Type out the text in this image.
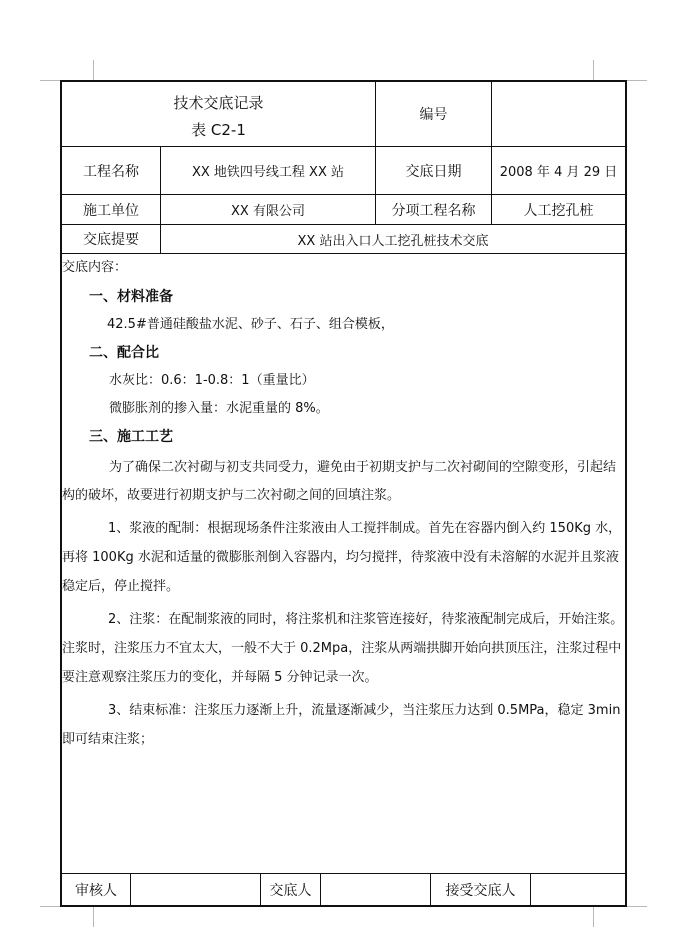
技术交底记录
表 C2-1
编号
工程名称	XX 地铁四号线工程 XX 站	交底日期	2008 年 4 月 29 日
施工单位	XX 有限公司	分项工程名称	人工挖孔桩
交底提要	XX 站出入口人工挖孔桩技术交底

交底内容：

一、材料准备

42.5#普通硅酸盐水泥、砂子、石子、组合模板，

二、配合比

水灰比：0.6：1-0.8：1（重量比）

微膨胀剂的掺入量：水泥重量的 8%。

三、施工工艺

为了确保二次衬砌与初支共同受力，避免由于初期支护与二次衬砌间的空隙变形，引起结构的破坏，故要进行初期支护与二次衬砌之间的回填注浆。

1、浆液的配制：根据现场条件注浆液由人工搅拌制成。首先在容器内倒入约 150Kg 水，再将 100Kg 水泥和适量的微膨胀剂倒入容器内，均匀搅拌，待浆液中没有未溶解的水泥并且浆液稳定后，停止搅拌。

2、注浆：在配制浆液的同时，将注浆机和注浆管连接好，待浆液配制完成后，开始注浆。注浆时，注浆压力不宜太大，一般不大于 0.2Mpa，注浆从两端拱脚开始向拱顶压注，注浆过程中要注意观察注浆压力的变化，并每隔 5 分钟记录一次。

3、结束标准：注浆压力逐渐上升，流量逐渐减少，当注浆压力达到 0.5MPa，稳定 3min 即可结束注浆；

审核人	交底人	接受交底人
